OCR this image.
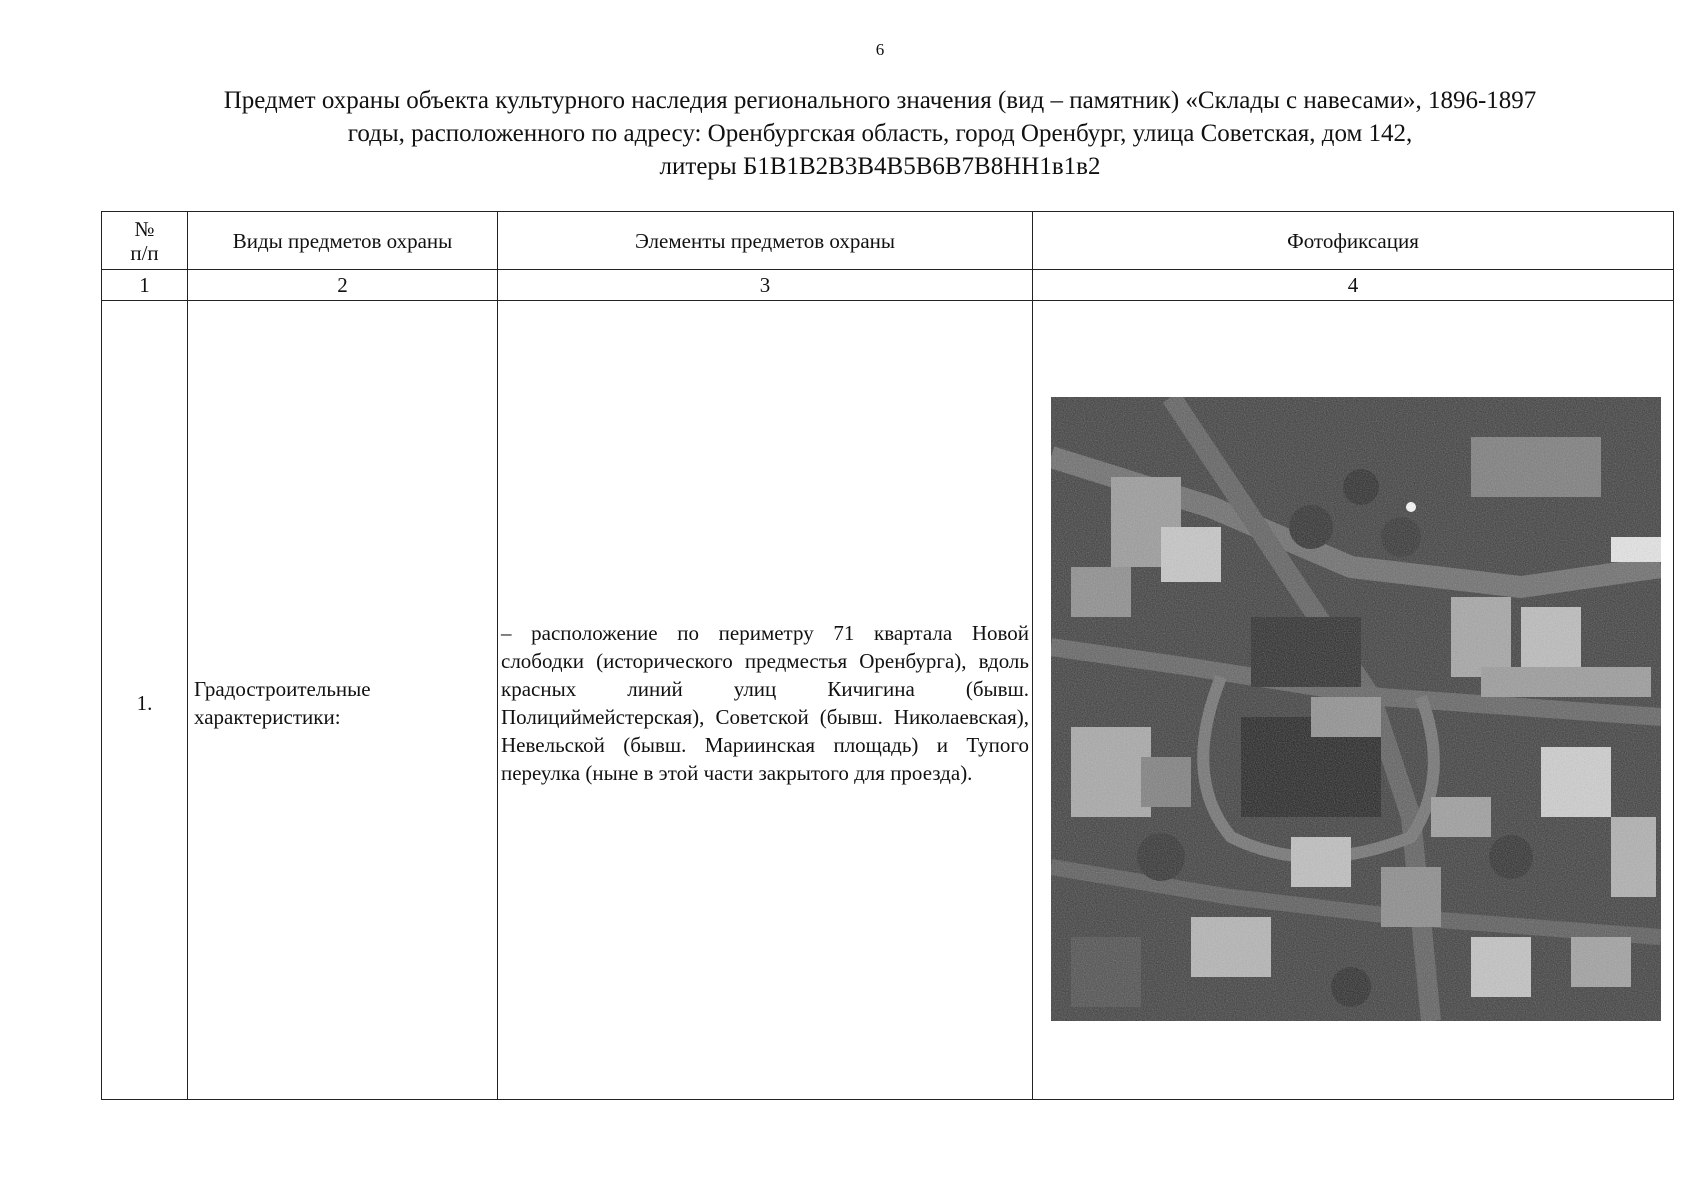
6
Предмет охраны объекта культурного наследия регионального значения (вид – памятник) «Склады с навесами», 1896-1897
годы, расположенного по адресу: Оренбургская область, город Оренбург, улица Советская, дом 142,
литеры Б1В1В2В3В4В5В6В7В8НН1в1в2
№
п/п	Виды предметов охраны	Элементы предметов охраны	Фотофиксация
1	2	3	4
1.	Градостроительные характеристики:	– расположение по периметру 71 квартала Новой слободки (исторического предместья Оренбурга), вдоль красных линий улиц Кичигина (бывш. Полициймейстерская), Советской (бывш. Николаевская), Невельской (бывш. Мариинская площадь) и Тупого переулка (ныне в этой части закрытого для проезда).	
